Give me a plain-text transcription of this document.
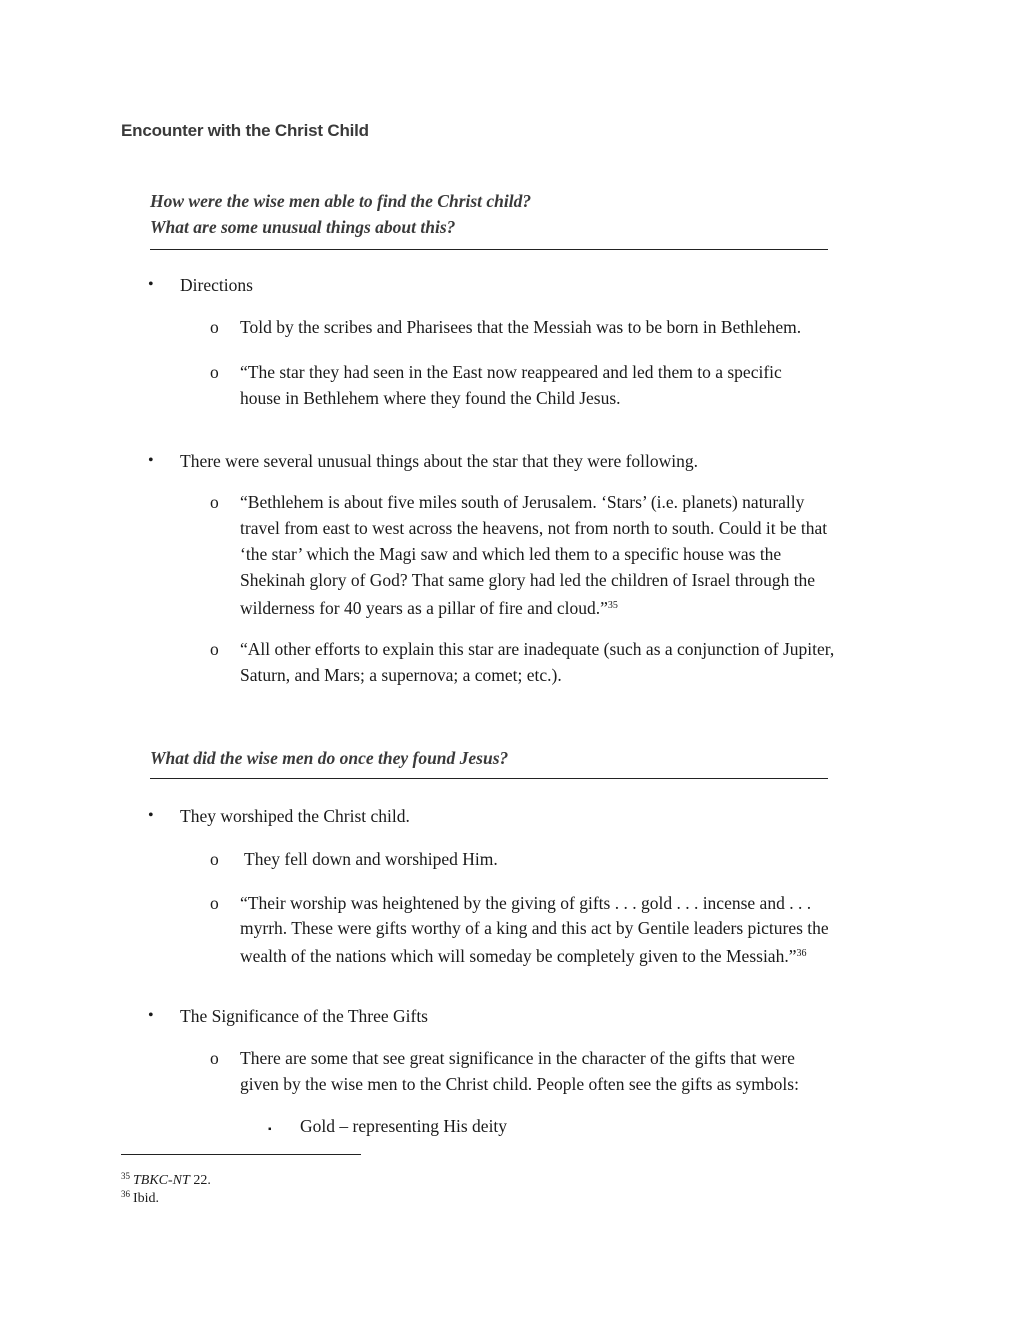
Encounter with the Christ Child
How were the wise men able to find the Christ child?
What are some unusual things about this?
• Directions
o Told by the scribes and Pharisees that the Messiah was to be born in Bethlehem.
o “The star they had seen in the East now reappeared and led them to a specific
house in Bethlehem where they found the Child Jesus.
• There were several unusual things about the star that they were following.
o “Bethlehem is about five miles south of Jerusalem. ‘Stars’ (i.e. planets) naturally
travel from east to west across the heavens, not from north to south. Could it be that
‘the star’ which the Magi saw and which led them to a specific house was the
Shekinah glory of God? That same glory had led the children of Israel through the
wilderness for 40 years as a pillar of fire and cloud.”$^{35}$
o “All other efforts to explain this star are inadequate (such as a conjunction of Jupiter,
Saturn, and Mars; a supernova; a comet; etc.).
What did the wise men do once they found Jesus?
• They worshiped the Christ child.
o They fell down and worshiped Him.
o “Their worship was heightened by the giving of gifts . . . gold . . . incense and . . .
myrrh. These were gifts worthy of a king and this act by Gentile leaders pictures the
wealth of the nations which will someday be completely given to the Messiah.”$^{36}$
• The Significance of the Three Gifts
o There are some that see great significance in the character of the gifts that were
given by the wise men to the Christ child. People often see the gifts as symbols:
▪ Gold – representing His deity
$^{35}$ TBKC-NT 22.
$^{36}$ Ibid.
